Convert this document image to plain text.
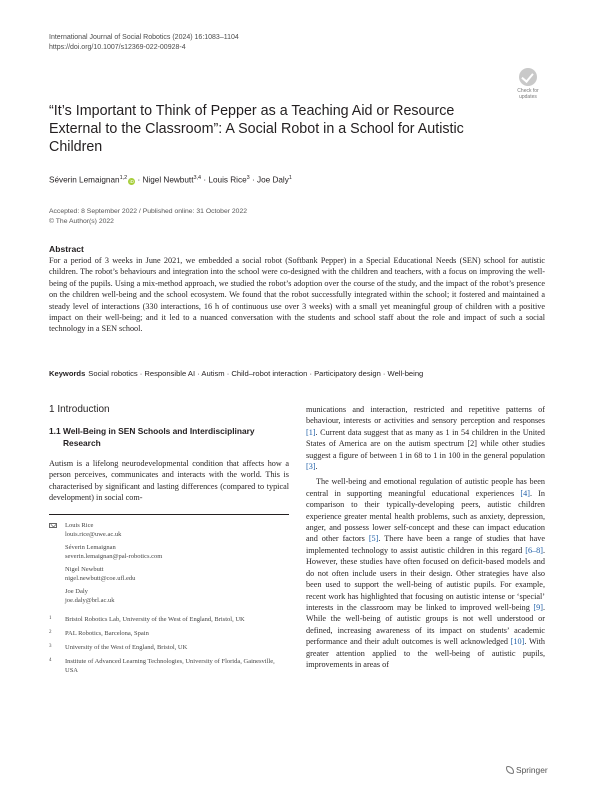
International Journal of Social Robotics (2024) 16:1083–1104
https://doi.org/10.1007/s12369-022-00928-4
Check for updates
“It’s Important to Think of Pepper as a Teaching Aid or Resource External to the Classroom”: A Social Robot in a School for Autistic Children
Séverin Lemaignan$^{1,2}$iD · Nigel Newbutt$^{3,4}$ · Louis Rice$^3$ · Joe Daly$^1$
Accepted: 8 September 2022 / Published online: 31 October 2022
© The Author(s) 2022
Abstract
For a period of 3 weeks in June 2021, we embedded a social robot (Softbank Pepper) in a Special Educational Needs (SEN) school for autistic children. The robot’s behaviours and integration into the school were co-designed with the children and teachers, with a focus on improving the well-being of the pupils. Using a mix-method approach, we studied the robot’s adoption over the course of the study, and the impact of the robot’s presence on the children well-being and the school ecosystem. We found that the robot successfully integrated within the school; it fostered and maintained a steady level of interactions (330 interactions, 16 h of continuous use over 3 weeks) with a small yet meaningful group of children with a positive impact on their well-being; and it led to a nuanced conversation with the students and school staff about the role and impact of such a social technology in a SEN school.
Keywords Social robotics · Responsible AI · Autism · Child–robot interaction · Participatory design · Well-being
1 Introduction
1.1 Well-Being in SEN Schools and Interdisciplinary Research

Autism is a lifelong neurodevelopmental condition that affects how a person perceives, communicates and interacts with the world. This is characterised by significant and lasting differences (compared to typical development) in social com-

Louis Rice
louis.rice@uwe.ac.uk
Séverin Lemaignan
severin.lemaignan@pal-robotics.com
Nigel Newbutt
nigel.newbutt@coe.ufl.edu
Joe Daly
joe.daly@brl.ac.uk
1 Bristol Robotics Lab, University of the West of England, Bristol, UK
2 PAL Robotics, Barcelona, Spain
3 University of the West of England, Bristol, UK
4 Institute of Advanced Learning Technologies, University of Florida, Gainesville, USA

munications and interaction, restricted and repetitive patterns of behaviour, interests or activities and sensory perception and responses [1]. Current data suggest that as many as 1 in 54 children in the United States of America are on the autism spectrum [2] while other studies suggest a figure of between 1 in 68 to 1 in 100 in the general population [3].

The well-being and emotional regulation of autistic people has been central in supporting meaningful educational experiences [4]. In comparison to their typically-developing peers, autistic children experience greater mental health problems, such as anxiety, depression, anger, and possess lower self-concept and these can impact education and other factors [5]. There have been a range of studies that have implemented technology to assist autistic children in this regard [6–8]. However, these studies have often focused on deficit-based models and do not often include users in their design. Other strategies have also been used to support the well-being of autistic pupils. For example, recent work has highlighted that focusing on autistic intense or ‘special’ interests in the classroom may be linked to improved well-being [9]. While the well-being of autistic groups is not well understood or defined, increasing awareness of its impact on students’ academic performance and their adult outcomes is well acknowledged [10]. With greater attention applied to the well-being of autistic pupils, improvements in areas of

Springer
